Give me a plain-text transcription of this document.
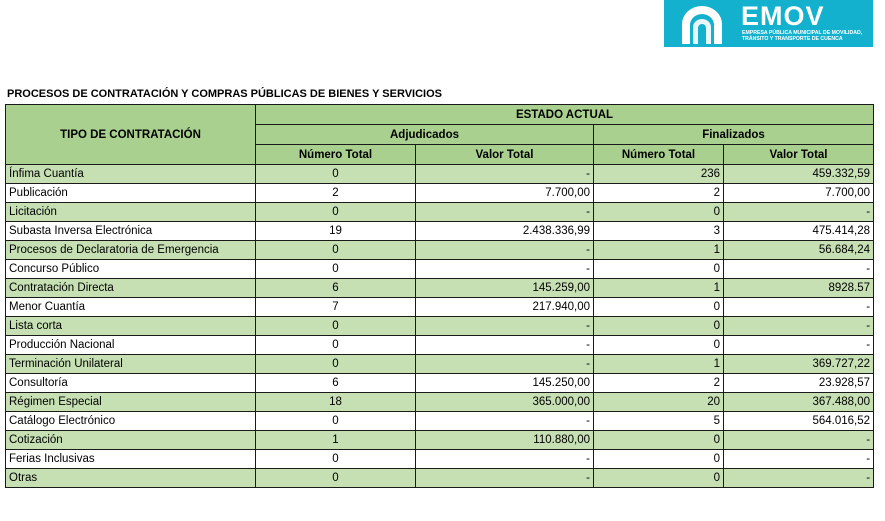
EMOV
EMPRESA PÚBLICA MUNICIPAL DE MOVILIDAD,
TRÁNSITO Y TRANSPORTE DE CUENCA
PROCESOS DE CONTRATACIÓN Y COMPRAS PÚBLICAS DE BIENES Y SERVICIOS
TIPO DE CONTRATACIÓN	ESTADO ACTUAL			
	Adjudicados		Finalizados	
	Número Total	Valor Total	Número Total	Valor Total
Ínfima Cuantía	0	-	236	459.332,59
Publicación	2	7.700,00	2	7.700,00
Licitación	0	-	0	-
Subasta Inversa Electrónica	19	2.438.336,99	3	475.414,28
Procesos de Declaratoria de Emergencia	0	-	1	56.684,24
Concurso Público	0	-	0	-
Contratación Directa	6	145.259,00	1	8928.57
Menor Cuantía	7	217.940,00	0	-
Lista corta	0	-	0	-
Producción Nacional	0	-	0	-
Terminación Unilateral	0	-	1	369.727,22
Consultoría	6	145.250,00	2	23.928,57
Régimen Especial	18	365.000,00	20	367.488,00
Catálogo Electrónico	0	-	5	564.016,52
Cotización	1	110.880,00	0	-
Ferias Inclusivas	0	-	0	-
Otras	0	-	0	-
